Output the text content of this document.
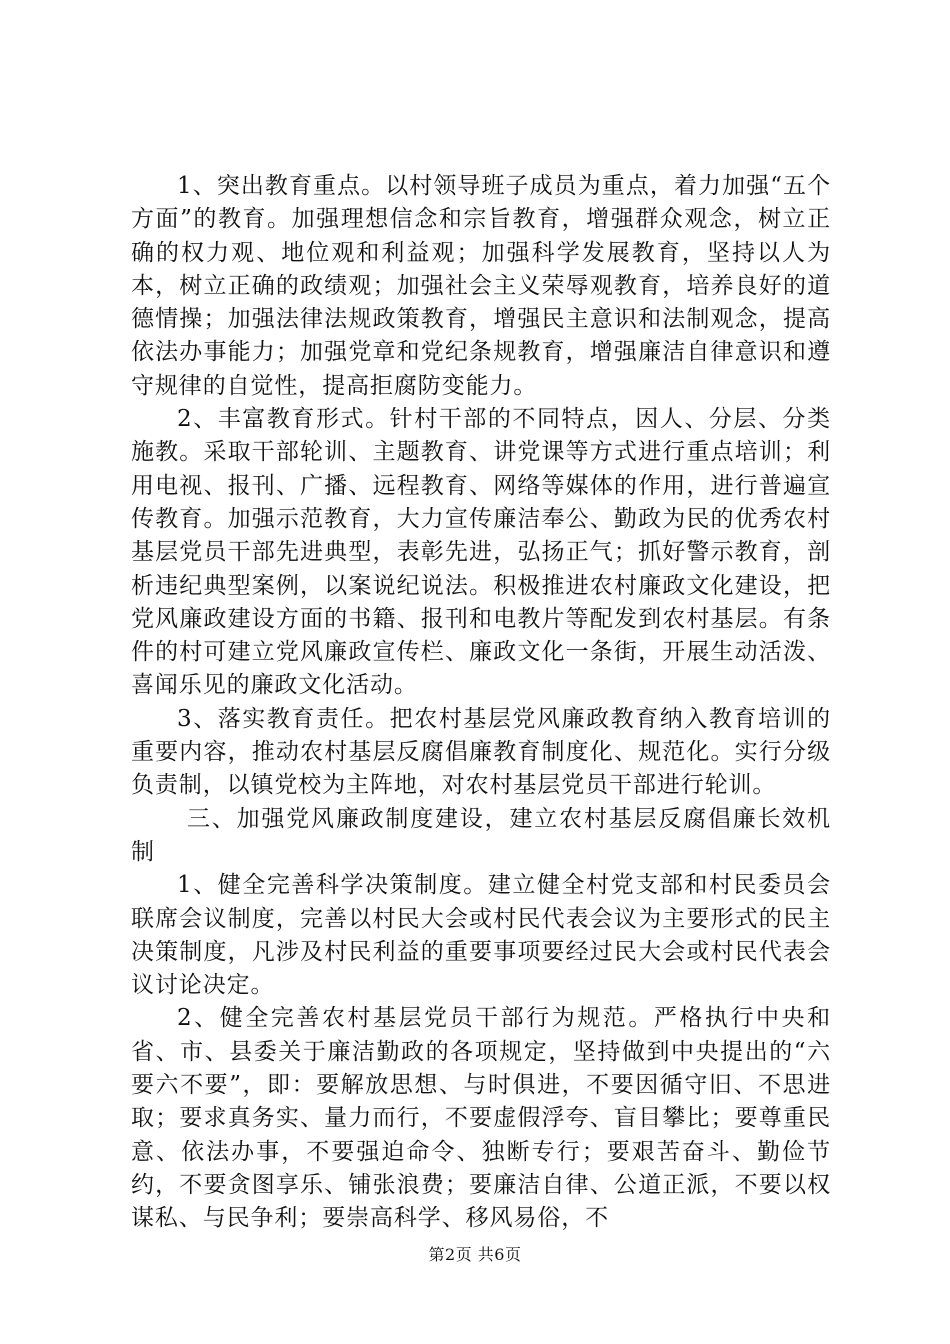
1、突出教育重点。以村领导班子成员为重点，着力加强“五个方面”的教育。加强理想信念和宗旨教育，增强群众观念，树立正确的权力观、地位观和利益观；加强科学发展教育，坚持以人为本，树立正确的政绩观；加强社会主义荣辱观教育，培养良好的道德情操；加强法律法规政策教育，增强民主意识和法制观念，提高依法办事能力；加强党章和党纪条规教育，增强廉洁自律意识和遵守规律的自觉性，提高拒腐防变能力。

2、丰富教育形式。针村干部的不同特点，因人、分层、分类施教。采取干部轮训、主题教育、讲党课等方式进行重点培训；利用电视、报刊、广播、远程教育、网络等媒体的作用，进行普遍宣传教育。加强示范教育，大力宣传廉洁奉公、勤政为民的优秀农村基层党员干部先进典型，表彰先进，弘扬正气；抓好警示教育，剖析违纪典型案例，以案说纪说法。积极推进农村廉政文化建设，把党风廉政建设方面的书籍、报刊和电教片等配发到农村基层。有条件的村可建立党风廉政宣传栏、廉政文化一条街，开展生动活泼、喜闻乐见的廉政文化活动。

3、落实教育责任。把农村基层党风廉政教育纳入教育培训的重要内容，推动农村基层反腐倡廉教育制度化、规范化。实行分级负责制，以镇党校为主阵地，对农村基层党员干部进行轮训。

三、加强党风廉政制度建设，建立农村基层反腐倡廉长效机制

1、健全完善科学决策制度。建立健全村党支部和村民委员会联席会议制度，完善以村民大会或村民代表会议为主要形式的民主决策制度，凡涉及村民利益的重要事项要经过民大会或村民代表会议讨论决定。

2、健全完善农村基层党员干部行为规范。严格执行中央和省、市、县委关于廉洁勤政的各项规定，坚持做到中央提出的“六要六不要”，即：要解放思想、与时俱进，不要因循守旧、不思进取；要求真务实、量力而行，不要虚假浮夸、盲目攀比；要尊重民意、依法办事，不要强迫命令、独断专行；要艰苦奋斗、勤俭节约，不要贪图享乐、铺张浪费；要廉洁自律、公道正派，不要以权谋私、与民争利；要崇高科学、移风易俗，不

第2页 共6页
